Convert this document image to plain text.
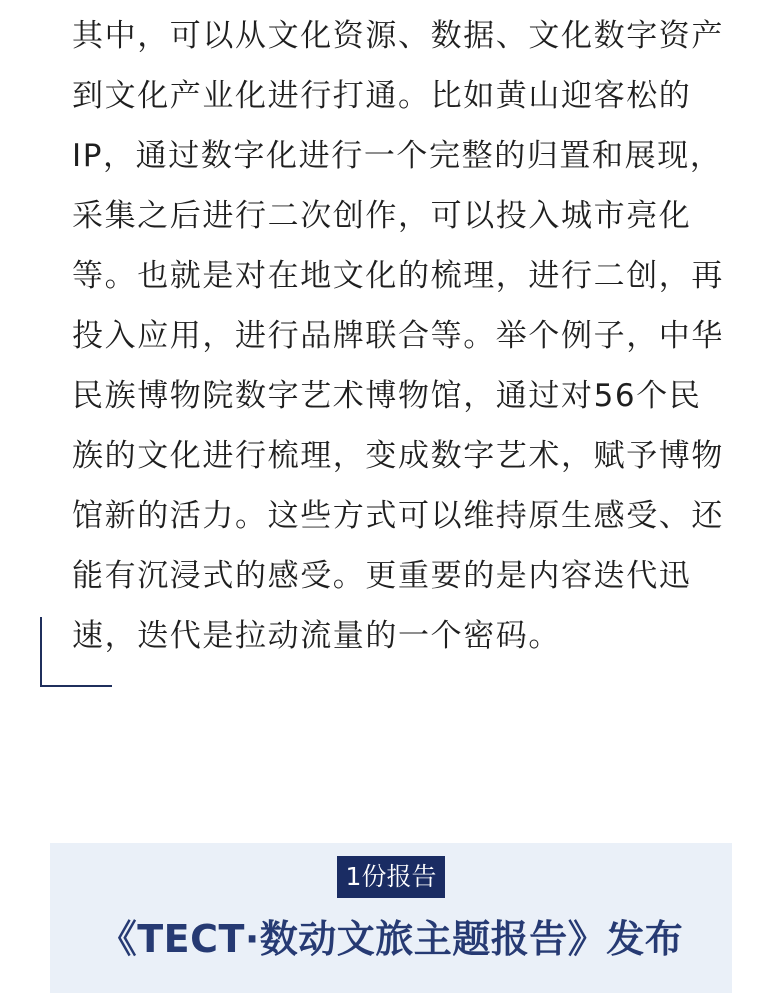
其中，可以从文化资源、数据、文化数字资产
到文化产业化进行打通。比如黄山迎客松的
IP，通过数字化进行一个完整的归置和展现，
采集之后进行二次创作，可以投入城市亮化
等。也就是对在地文化的梳理，进行二创，再
投入应用，进行品牌联合等。举个例子，中华
民族博物院数字艺术博物馆，通过对56个民
族的文化进行梳理，变成数字艺术，赋予博物
馆新的活力。这些方式可以维持原生感受、还
能有沉浸式的感受。更重要的是内容迭代迅
速，迭代是拉动流量的一个密码。

1份报告
《TECT·数动文旅主题报告》发布
